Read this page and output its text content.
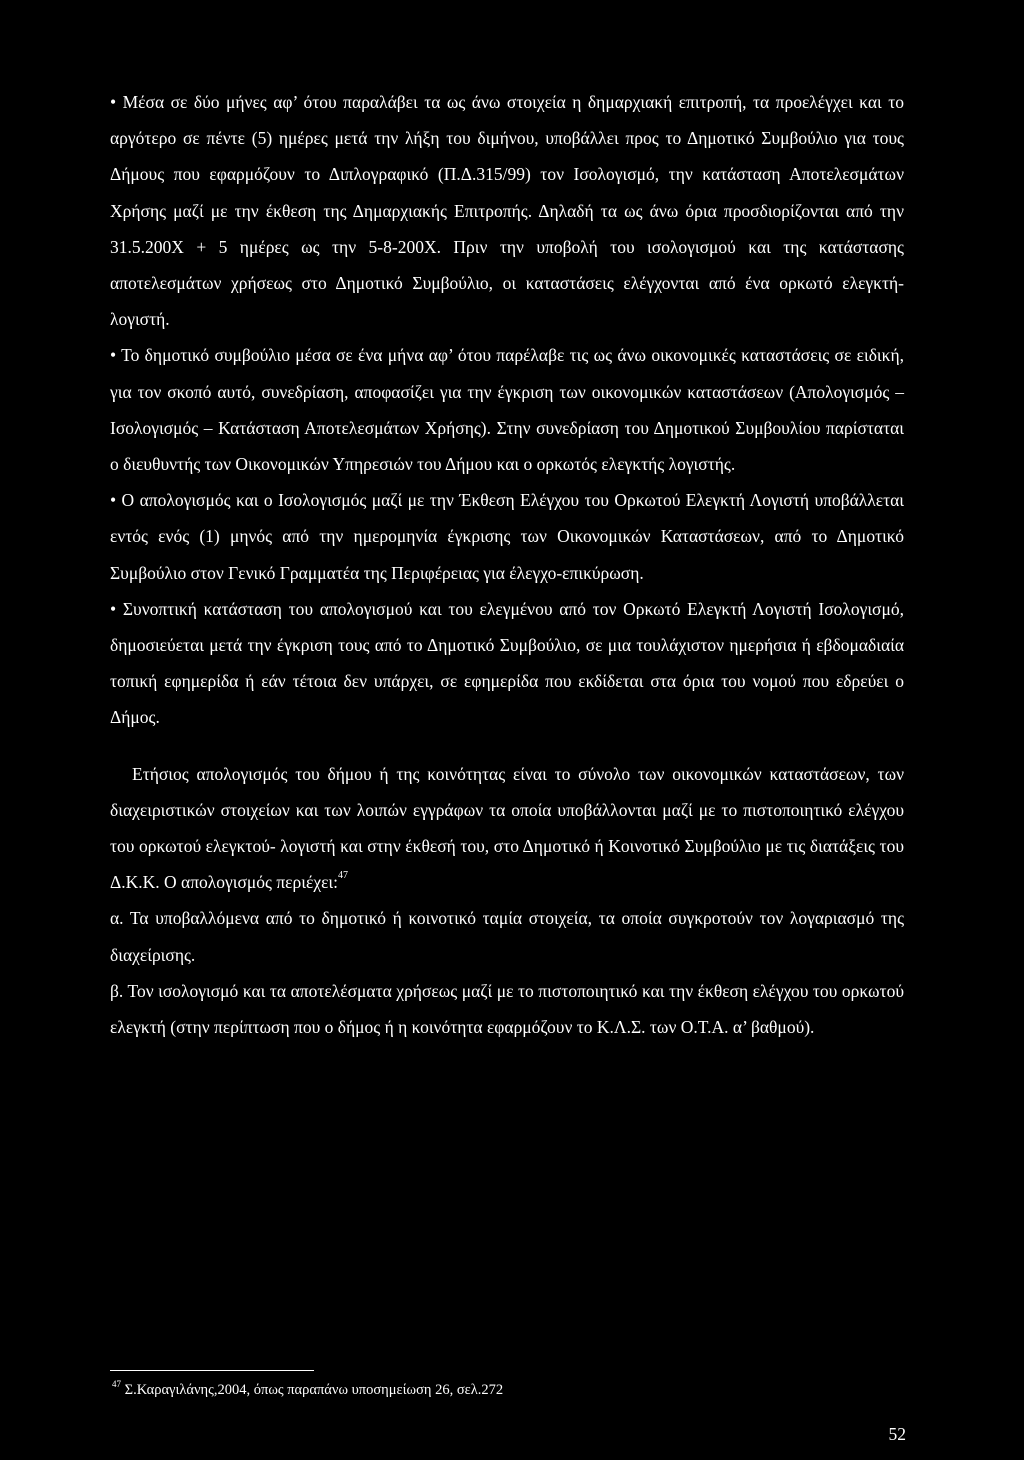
• Μέσα σε δύο μήνες αφ’ ότου παραλάβει τα ως άνω στοιχεία η δημαρχιακή επιτροπή, τα προελέγχει και το αργότερο σε πέντε (5) ημέρες μετά την λήξη του διμήνου, υποβάλλει προς το Δημοτικό Συμβούλιο για τους Δήμους που εφαρμόζουν το Διπλογραφικό (Π.Δ.315/99) τον Ισολογισμό, την κατάσταση Αποτελεσμάτων Χρήσης μαζί με την έκθεση της Δημαρχιακής Επιτροπής. Δηλαδή τα ως άνω όρια προσδιορίζονται από την 31.5.200Χ + 5 ημέρες ως την 5-8-200Χ. Πριν την υποβολή του ισολογισμού και της κατάστασης αποτελεσμάτων χρήσεως στο Δημοτικό Συμβούλιο, οι καταστάσεις ελέγχονται από ένα ορκωτό ελεγκτή- λογιστή.

• Το δημοτικό συμβούλιο μέσα σε ένα μήνα αφ’ ότου παρέλαβε τις ως άνω οικονομικές καταστάσεις σε ειδική, για τον σκοπό αυτό, συνεδρίαση, αποφασίζει για την έγκριση των οικονομικών καταστάσεων (Απολογισμός –Ισολογισμός – Κατάσταση Αποτελεσμάτων Χρήσης). Στην συνεδρίαση του Δημοτικού Συμβουλίου παρίσταται ο διευθυντής των Οικονομικών Υπηρεσιών του Δήμου και ο ορκωτός ελεγκτής λογιστής.

• Ο απολογισμός και ο Ισολογισμός μαζί με την Έκθεση Ελέγχου του Ορκωτού Ελεγκτή Λογιστή υποβάλλεται εντός ενός (1) μηνός από την ημερομηνία έγκρισης των Οικονομικών Καταστάσεων, από το Δημοτικό Συμβούλιο στον Γενικό Γραμματέα της Περιφέρειας για έλεγχο-επικύρωση.

• Συνοπτική κατάσταση του απολογισμού και του ελεγμένου από τον Ορκωτό Ελεγκτή Λογιστή Ισολογισμό, δημοσιεύεται μετά την έγκριση τους από το Δημοτικό Συμβούλιο, σε μια τουλάχιστον ημερήσια ή εβδομαδιαία τοπική εφημερίδα ή εάν τέτοια δεν υπάρχει, σε εφημερίδα που εκδίδεται στα όρια του νομού που εδρεύει ο Δήμος.

Ετήσιος απολογισμός του δήμου ή της κοινότητας είναι το σύνολο των οικονομικών καταστάσεων, των διαχειριστικών στοιχείων και των λοιπών εγγράφων τα οποία υποβάλλονται μαζί με το πιστοποιητικό ελέγχου του ορκωτού ελεγκτού- λογιστή και στην έκθεσή του, στο Δημοτικό ή Κοινοτικό Συμβούλιο με τις διατάξεις του Δ.Κ.Κ. Ο απολογισμός περιέχει:$^{47}$

α. Τα υποβαλλόμενα από το δημοτικό ή κοινοτικό ταμία στοιχεία, τα οποία συγκροτούν τον λογαριασμό της διαχείρισης.

β. Τον ισολογισμό και τα αποτελέσματα χρήσεως μαζί με το πιστοποιητικό και την έκθεση ελέγχου του ορκωτού ελεγκτή (στην περίπτωση που ο δήμος ή η κοινότητα εφαρμόζουν το Κ.Λ.Σ. των Ο.Τ.Α. α’ βαθμού).

$^{47}$ Σ.Καραγιλάνης,2004, όπως παραπάνω υποσημείωση 26, σελ.272
52
